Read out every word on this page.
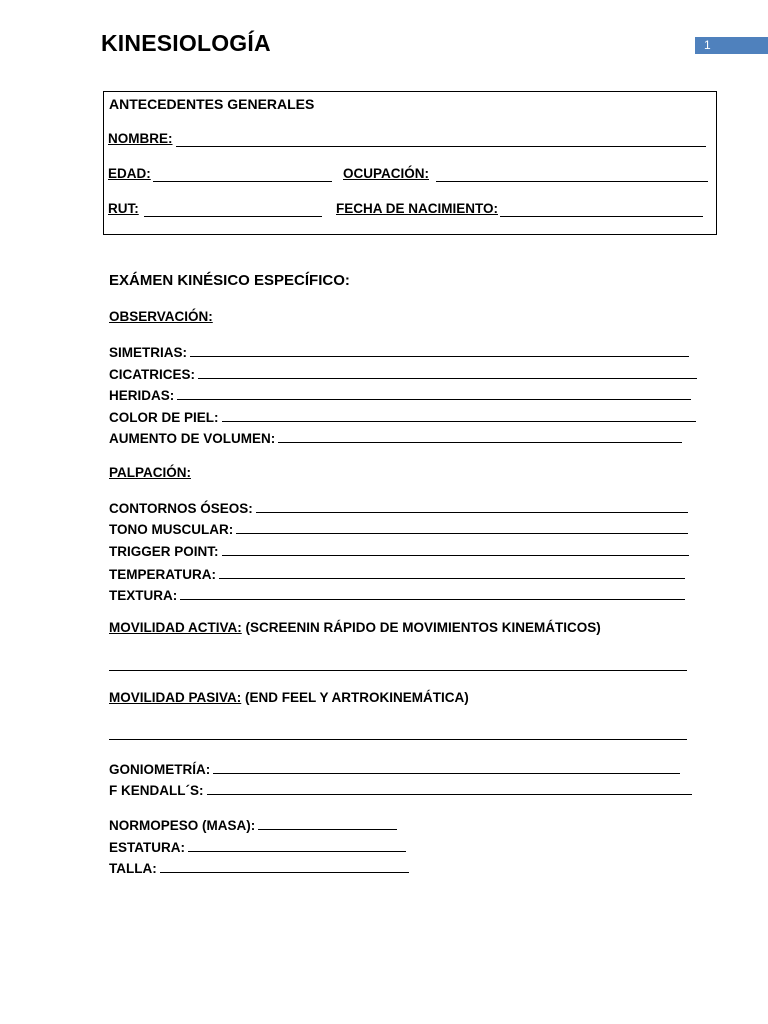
KINESIOLOGÍA	1
ANTECEDENTES GENERALES
NOMBRE:
EDAD:	OCUPACIÓN:
RUT:	FECHA DE NACIMIENTO:
EXÁMEN KINÉSICO ESPECÍFICO:
OBSERVACIÓN:
SIMETRIAS:
CICATRICES:
HERIDAS:
COLOR DE PIEL:
AUMENTO DE VOLUMEN:
PALPACIÓN:
CONTORNOS ÓSEOS:
TONO MUSCULAR:
TRIGGER POINT:
TEMPERATURA:
TEXTURA:
MOVILIDAD ACTIVA: (SCREENIN RÁPIDO DE MOVIMIENTOS KINEMÁTICOS)
MOVILIDAD PASIVA: (END FEEL Y ARTROKINEMÁTICA)
GONIOMETRÍA:
F KENDALL´S:
NORMOPESO (MASA):
ESTATURA:
TALLA:
